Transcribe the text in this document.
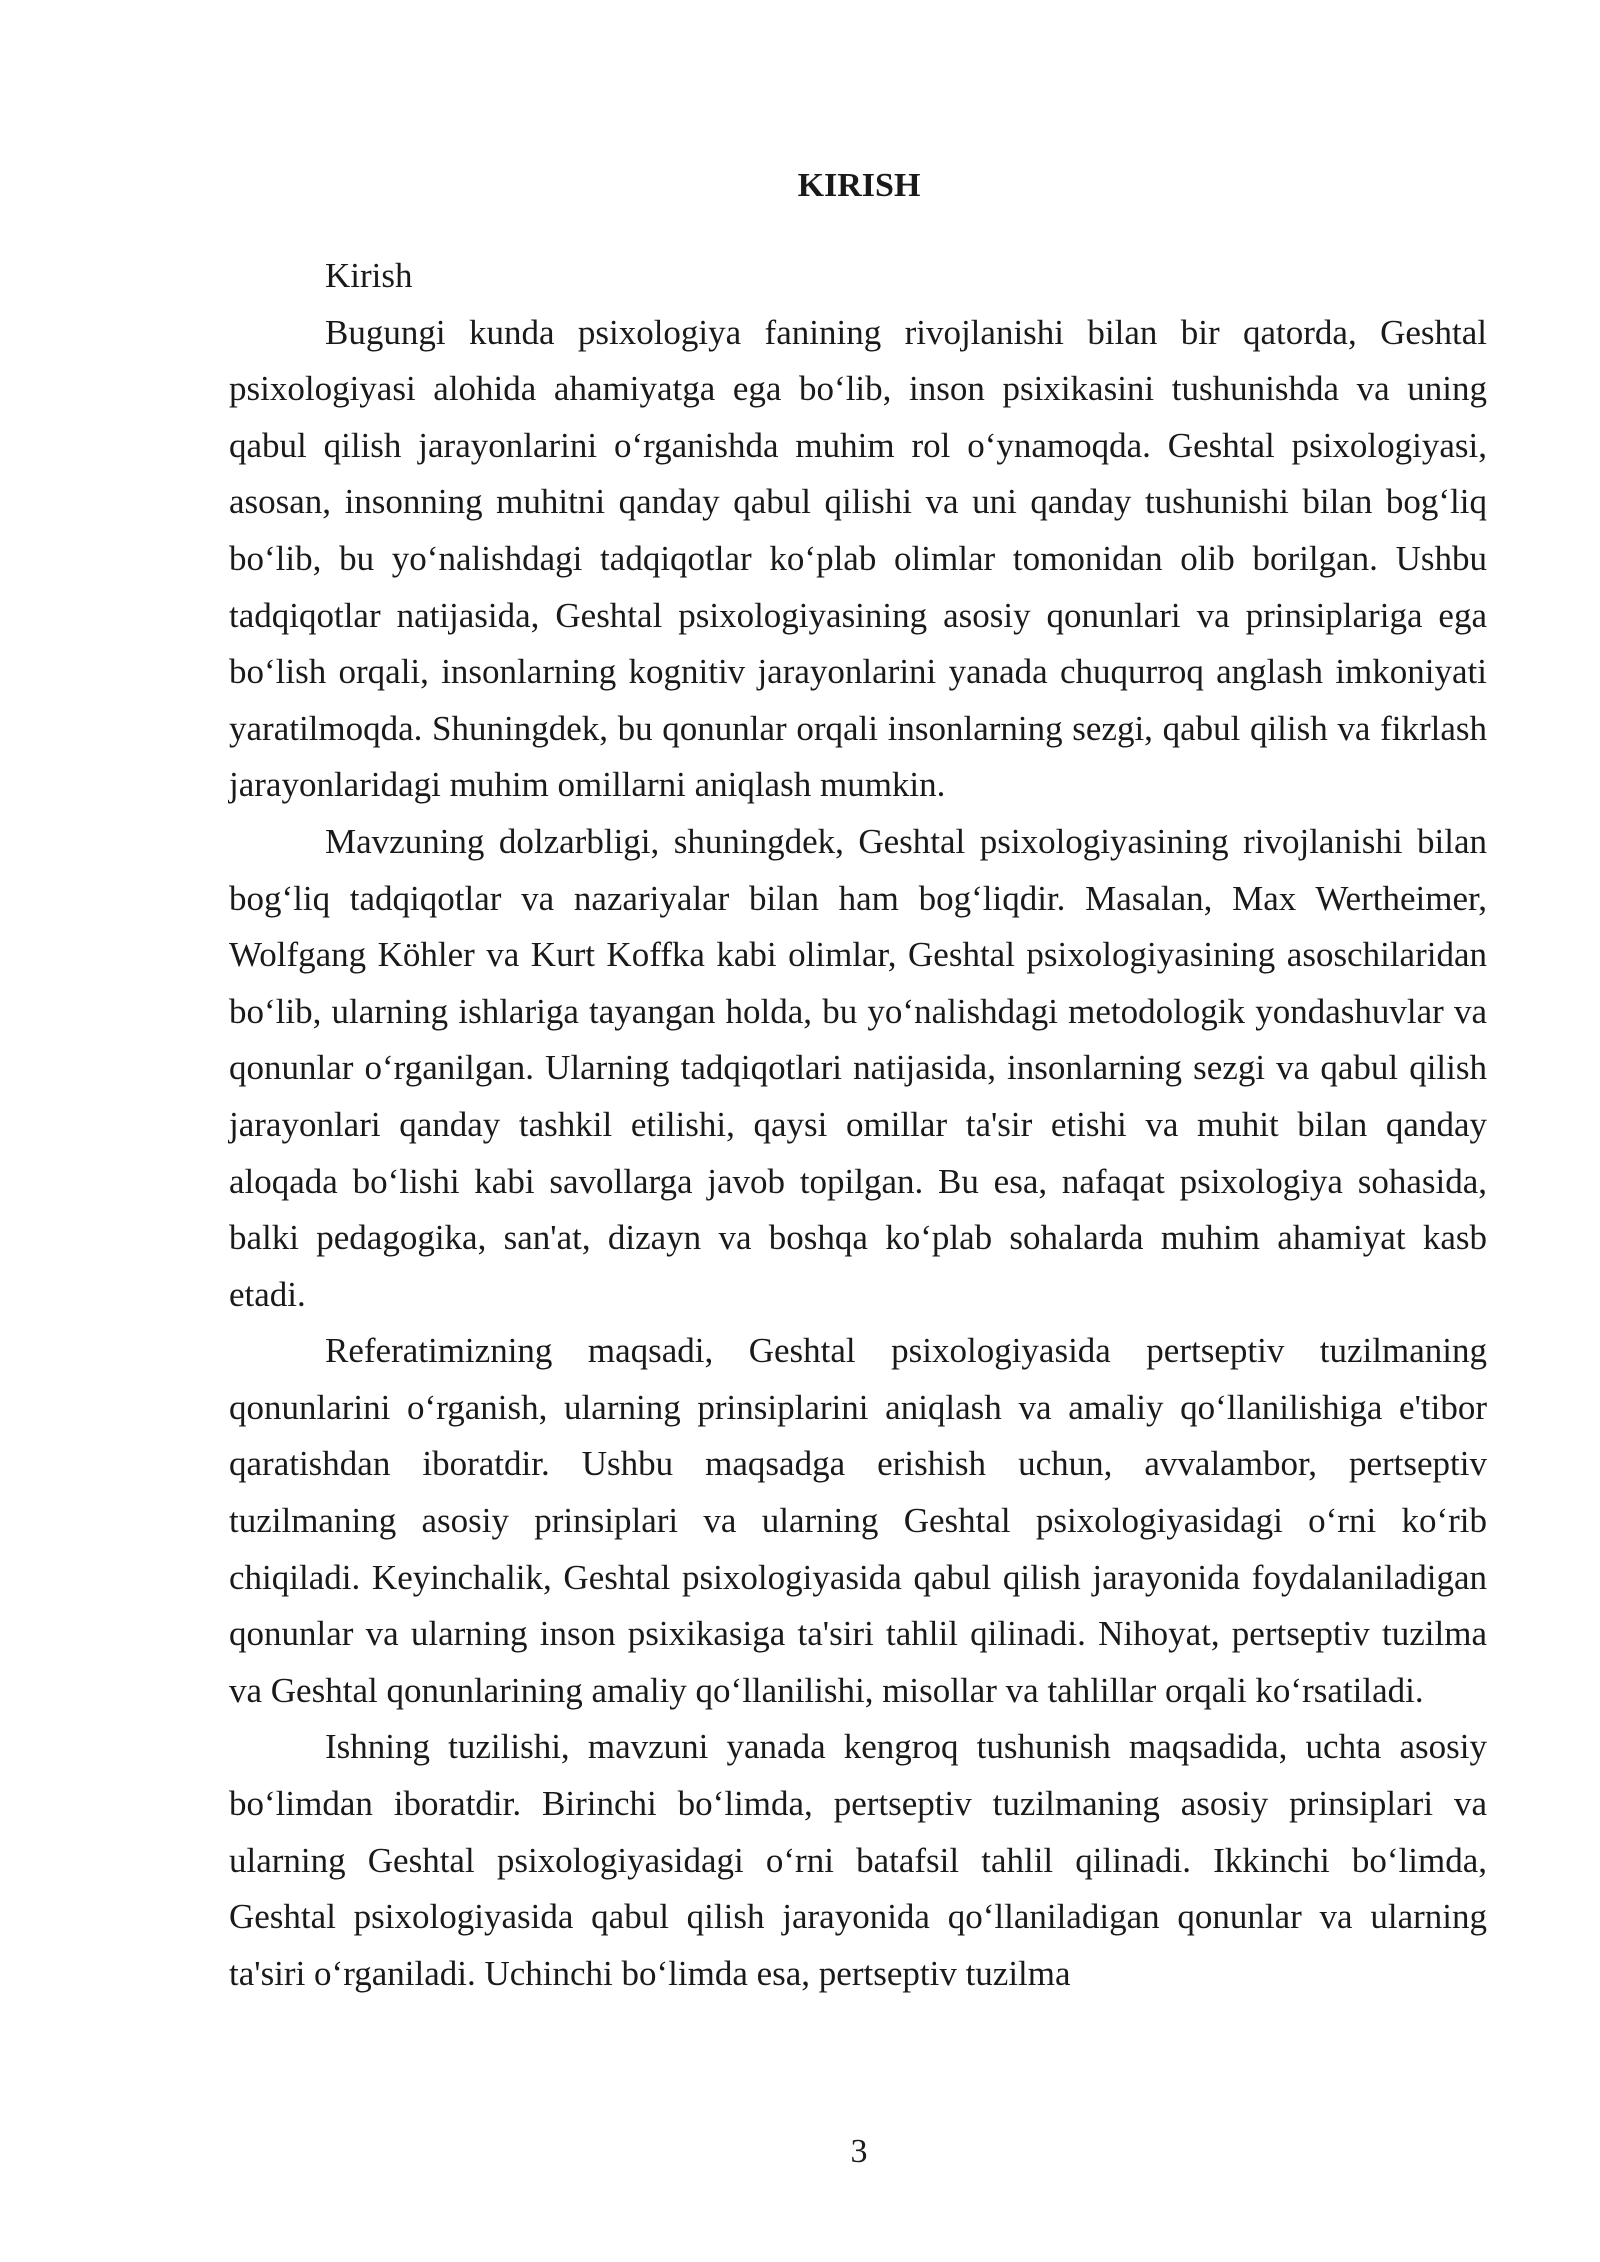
KIRISH

Kirish

Bugungi kunda psixologiya fanining rivojlanishi bilan bir qatorda, Geshtal psixologiyasi alohida ahamiyatga ega bo‘lib, inson psixikasini tushunishda va uning qabul qilish jarayonlarini o‘rganishda muhim rol o‘ynamoqda. Geshtal psixologiyasi, asosan, insonning muhitni qanday qabul qilishi va uni qanday tushunishi bilan bog‘liq bo‘lib, bu yo‘nalishdagi tadqiqotlar ko‘plab olimlar tomonidan olib borilgan. Ushbu tadqiqotlar natijasida, Geshtal psixologiyasining asosiy qonunlari va prinsiplariga ega bo‘lish orqali, insonlarning kognitiv jarayonlarini yanada chuqurroq anglash imkoniyati yaratilmoqda. Shuningdek, bu qonunlar orqali insonlarning sezgi, qabul qilish va fikrlash jarayonlaridagi muhim omillarni aniqlash mumkin.

Mavzuning dolzarbligi, shuningdek, Geshtal psixologiyasining rivojlanishi bilan bog‘liq tadqiqotlar va nazariyalar bilan ham bog‘liqdir. Masalan, Max Wertheimer, Wolfgang Köhler va Kurt Koffka kabi olimlar, Geshtal psixologiyasining asoschilaridan bo‘lib, ularning ishlariga tayangan holda, bu yo‘nalishdagi metodologik yondashuvlar va qonunlar o‘rganilgan. Ularning tadqiqotlari natijasida, insonlarning sezgi va qabul qilish jarayonlari qanday tashkil etilishi, qaysi omillar ta'sir etishi va muhit bilan qanday aloqada bo‘lishi kabi savollarga javob topilgan. Bu esa, nafaqat psixologiya sohasida, balki pedagogika, san'at, dizayn va boshqa ko‘plab sohalarda muhim ahamiyat kasb etadi.

Referatimizning maqsadi, Geshtal psixologiyasida pertseptiv tuzilmaning qonunlarini o‘rganish, ularning prinsiplarini aniqlash va amaliy qo‘llanilishiga e'tibor qaratishdan iboratdir. Ushbu maqsadga erishish uchun, avvalambor, pertseptiv tuzilmaning asosiy prinsiplari va ularning Geshtal psixologiyasidagi o‘rni ko‘rib chiqiladi. Keyinchalik, Geshtal psixologiyasida qabul qilish jarayonida foydalaniladigan qonunlar va ularning inson psixikasiga ta'siri tahlil qilinadi. Nihoyat, pertseptiv tuzilma va Geshtal qonunlarining amaliy qo‘llanilishi, misollar va tahlillar orqali ko‘rsatiladi.

Ishning tuzilishi, mavzuni yanada kengroq tushunish maqsadida, uchta asosiy bo‘limdan iboratdir. Birinchi bo‘limda, pertseptiv tuzilmaning asosiy prinsiplari va ularning Geshtal psixologiyasidagi o‘rni batafsil tahlil qilinadi. Ikkinchi bo‘limda, Geshtal psixologiyasida qabul qilish jarayonida qo‘llaniladigan qonunlar va ularning ta'siri o‘rganiladi. Uchinchi bo‘limda esa, pertseptiv tuzilma

3
